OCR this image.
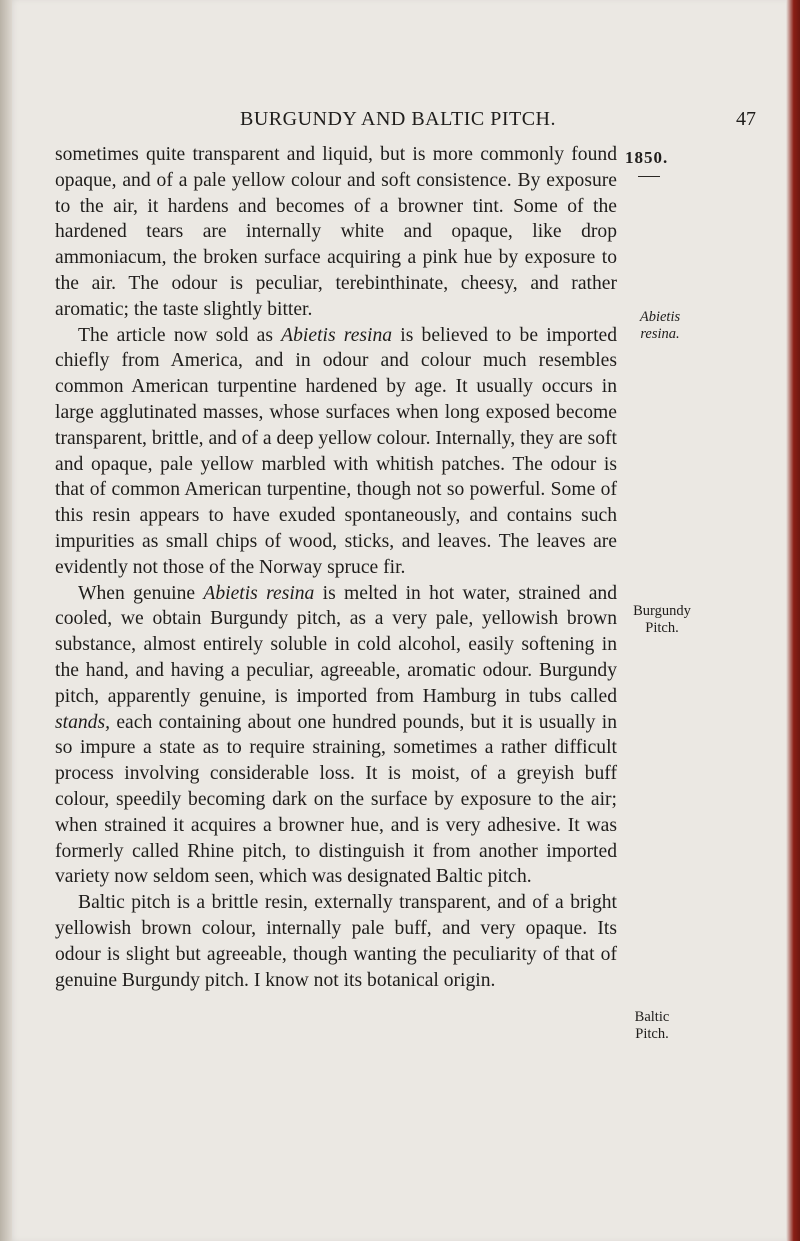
BURGUNDY AND BALTIC PITCH.	47
1850.
Abietis
resina.
Burgundy
Pitch.
Baltic
Pitch.

sometimes quite transparent and liquid, but is more commonly found opaque, and of a pale yellow colour and soft consistence. By exposure to the air, it hardens and becomes of a browner tint. Some of the hardened tears are internally white and opaque, like drop ammoniacum, the broken surface acquiring a pink hue by exposure to the air. The odour is peculiar, terebinthinate, cheesy, and rather aromatic; the taste slightly bitter.

The article now sold as Abietis resina is believed to be imported chiefly from America, and in odour and colour much resembles common American turpentine hardened by age. It usually occurs in large agglutinated masses, whose surfaces when long exposed become transparent, brittle, and of a deep yellow colour. Internally, they are soft and opaque, pale yellow marbled with whitish patches. The odour is that of common American turpentine, though not so powerful. Some of this resin appears to have exuded spontaneously, and contains such impurities as small chips of wood, sticks, and leaves. The leaves are evidently not those of the Norway spruce fir.

When genuine Abietis resina is melted in hot water, strained and cooled, we obtain Burgundy pitch, as a very pale, yellowish brown substance, almost entirely soluble in cold alcohol, easily softening in the hand, and having a peculiar, agreeable, aromatic odour. Burgundy pitch, apparently genuine, is imported from Hamburg in tubs called stands, each containing about one hundred pounds, but it is usually in so impure a state as to require straining, sometimes a rather difficult process involving considerable loss. It is moist, of a greyish buff colour, speedily becoming dark on the surface by exposure to the air; when strained it acquires a browner hue, and is very adhesive. It was formerly called Rhine pitch, to distinguish it from another imported variety now seldom seen, which was designated Baltic pitch.

Baltic pitch is a brittle resin, externally transparent, and of a bright yellowish brown colour, internally pale buff, and very opaque. Its odour is slight but agreeable, though wanting the peculiarity of that of genuine Burgundy pitch. I know not its botanical origin.
